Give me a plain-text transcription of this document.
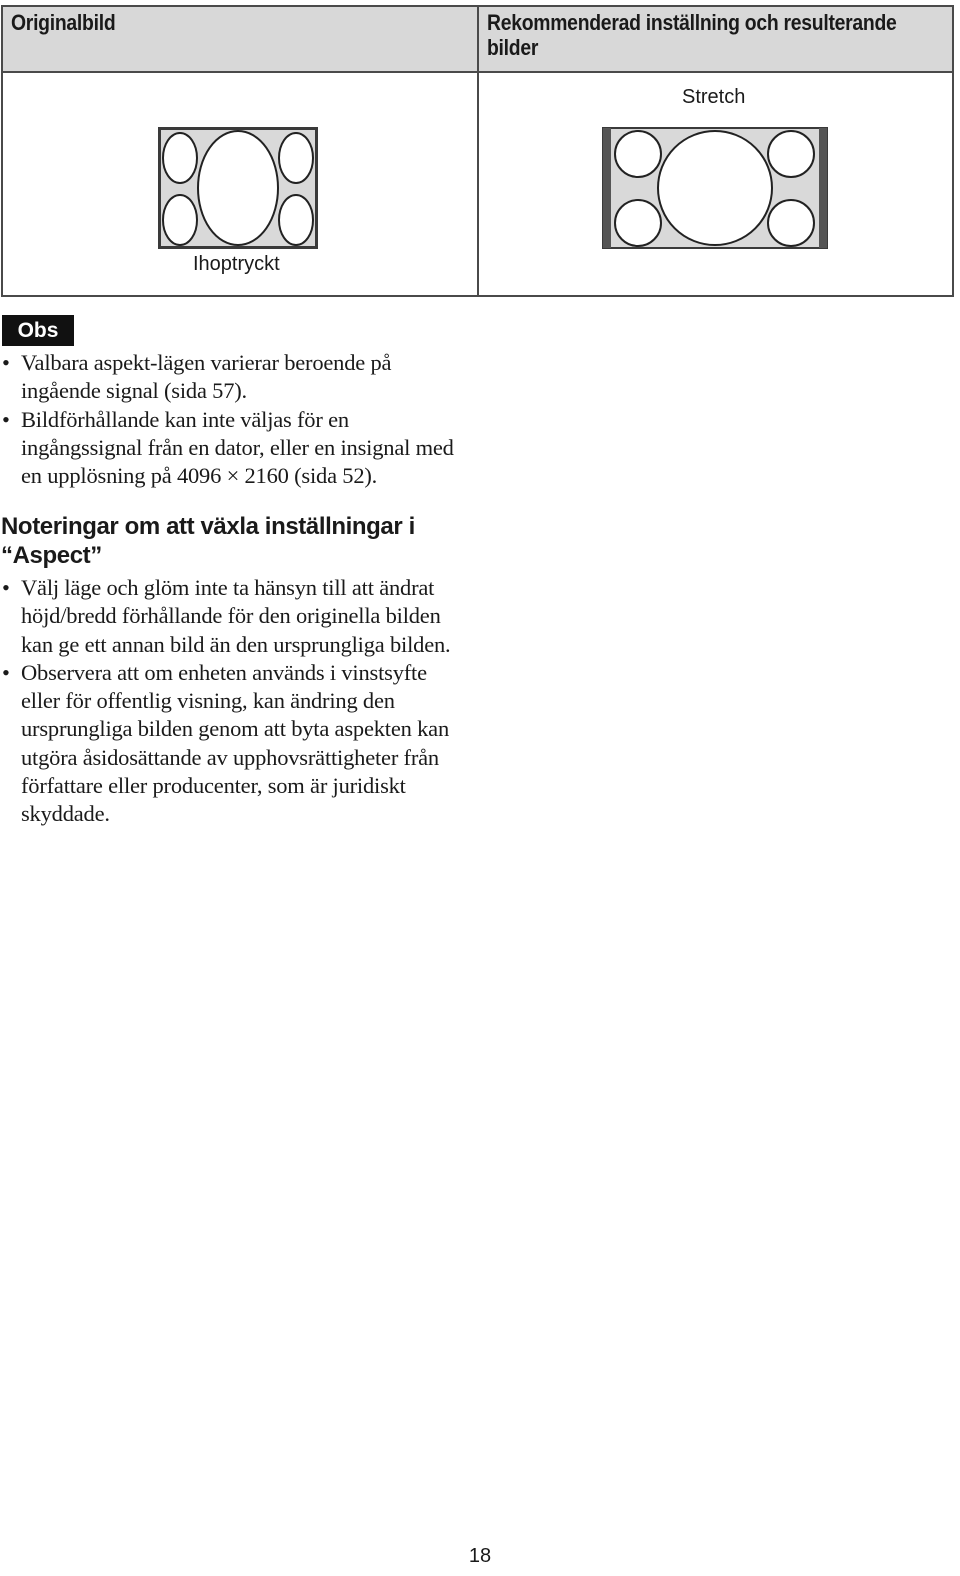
Originalbild	Rekommenderad inställning och resulterande bilder
Ihoptryckt
Stretch
Obs
• Valbara aspekt-lägen varierar beroende på ingående signal (sida 57).
• Bildförhållande kan inte väljas för en ingångssignal från en dator, eller en insignal med en upplösning på 4096 × 2160 (sida 52).
Noteringar om att växla inställningar i “Aspect”
• Välj läge och glöm inte ta hänsyn till att ändrat höjd/bredd förhållande för den originella bilden kan ge ett annan bild än den ursprungliga bilden.
• Observera att om enheten används i vinstsyfte eller för offentlig visning, kan ändring den ursprungliga bilden genom att byta aspekten kan utgöra åsidosättande av upphovsrättigheter från författare eller producenter, som är juridiskt skyddade.
18
